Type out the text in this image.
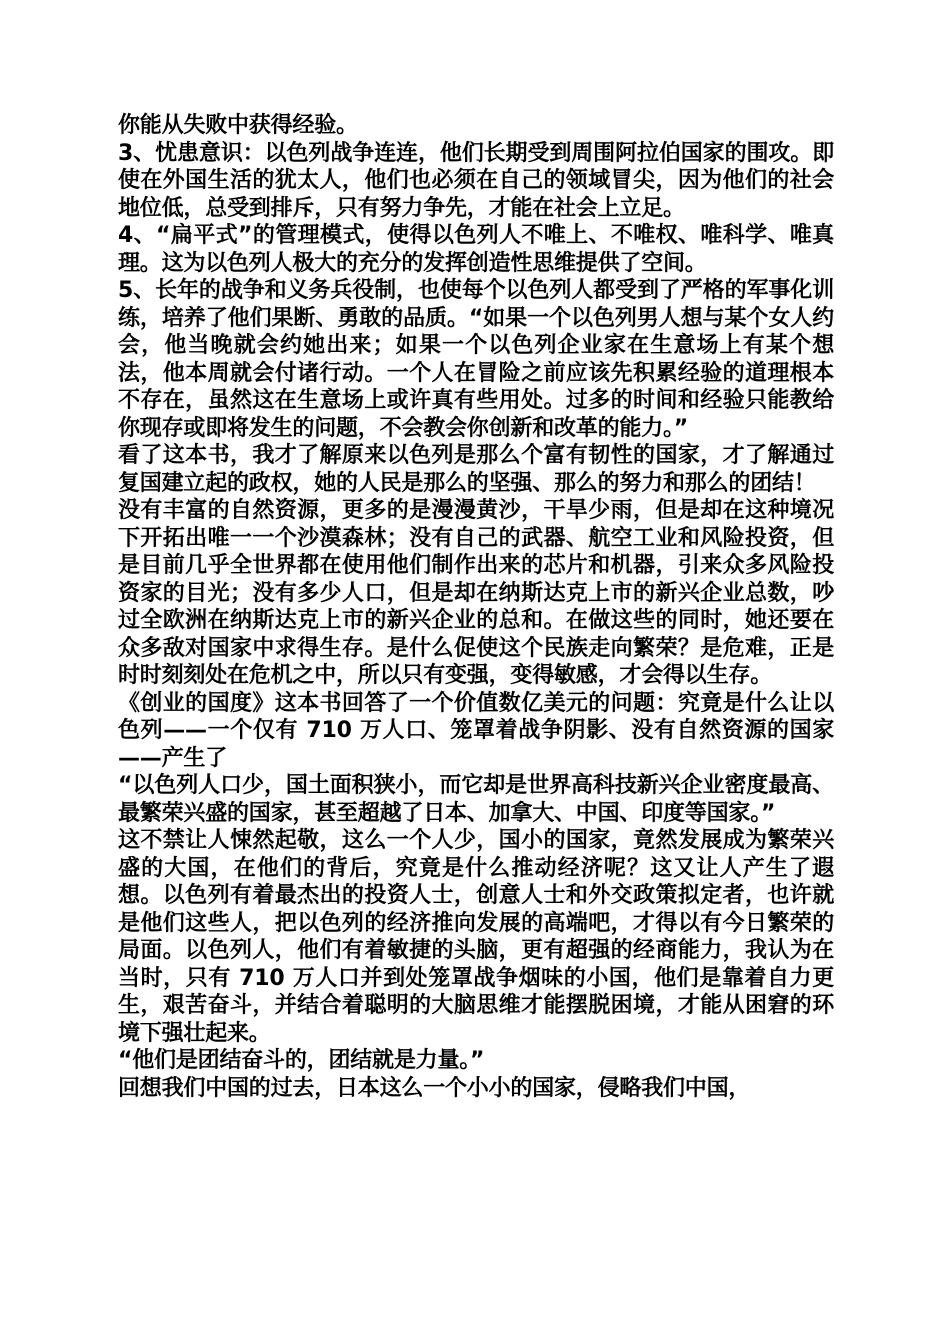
你能从失败中获得经验。

3、忧患意识：以色列战争连连，他们长期受到周围阿拉伯国家的围攻。即使在外国生活的犹太人，他们也必须在自己的领域冒尖，因为他们的社会地位低，总受到排斥，只有努力争先，才能在社会上立足。

4、“扁平式”的管理模式，使得以色列人不唯上、不唯权、唯科学、唯真理。这为以色列人极大的充分的发挥创造性思维提供了空间。

5、长年的战争和义务兵役制，也使每个以色列人都受到了严格的军事化训练，培养了他们果断、勇敢的品质。“如果一个以色列男人想与某个女人约会，他当晚就会约她出来；如果一个以色列企业家在生意场上有某个想法，他本周就会付诸行动。一个人在冒险之前应该先积累经验的道理根本不存在，虽然这在生意场上或许真有些用处。过多的时间和经验只能教给你现存或即将发生的问题，不会教会你创新和改革的能力。”

看了这本书，我才了解原来以色列是那么个富有韧性的国家，才了解通过复国建立起的政权，她的人民是那么的坚强、那么的努力和那么的团结！

没有丰富的自然资源，更多的是漫漫黄沙，干旱少雨，但是却在这种境况下开拓出唯一一个沙漠森林；没有自己的武器、航空工业和风险投资，但是目前几乎全世界都在使用他们制作出来的芯片和机器，引来众多风险投资家的目光；没有多少人口，但是却在纳斯达克上市的新兴企业总数，吵过全欧洲在纳斯达克上市的新兴企业的总和。在做这些的同时，她还要在众多敌对国家中求得生存。是什么促使这个民族走向繁荣？是危难，正是时时刻刻处在危机之中，所以只有变强，变得敏感，才会得以生存。

《创业的国度》这本书回答了一个价值数亿美元的问题：究竟是什么让以色列——一个仅有 710 万人口、笼罩着战争阴影、没有自然资源的国家——产生了

“以色列人口少，国土面积狭小，而它却是世界高科技新兴企业密度最高、最繁荣兴盛的国家，甚至超越了日本、加拿大、中国、印度等国家。”

这不禁让人悚然起敬，这么一个人少，国小的国家，竟然发展成为繁荣兴盛的大国，在他们的背后，究竟是什么推动经济呢？这又让人产生了遐想。以色列有着最杰出的投资人士，创意人士和外交政策拟定者，也许就是他们这些人，把以色列的经济推向发展的高端吧，才得以有今日繁荣的局面。以色列人，他们有着敏捷的头脑，更有超强的经商能力，我认为在当时，只有 710 万人口并到处笼罩战争烟味的小国，他们是靠着自力更生，艰苦奋斗，并结合着聪明的大脑思维才能摆脱困境，才能从困窘的环境下强壮起来。

“他们是团结奋斗的，团结就是力量。”

回想我们中国的过去，日本这么一个小小的国家，侵略我们中国，
